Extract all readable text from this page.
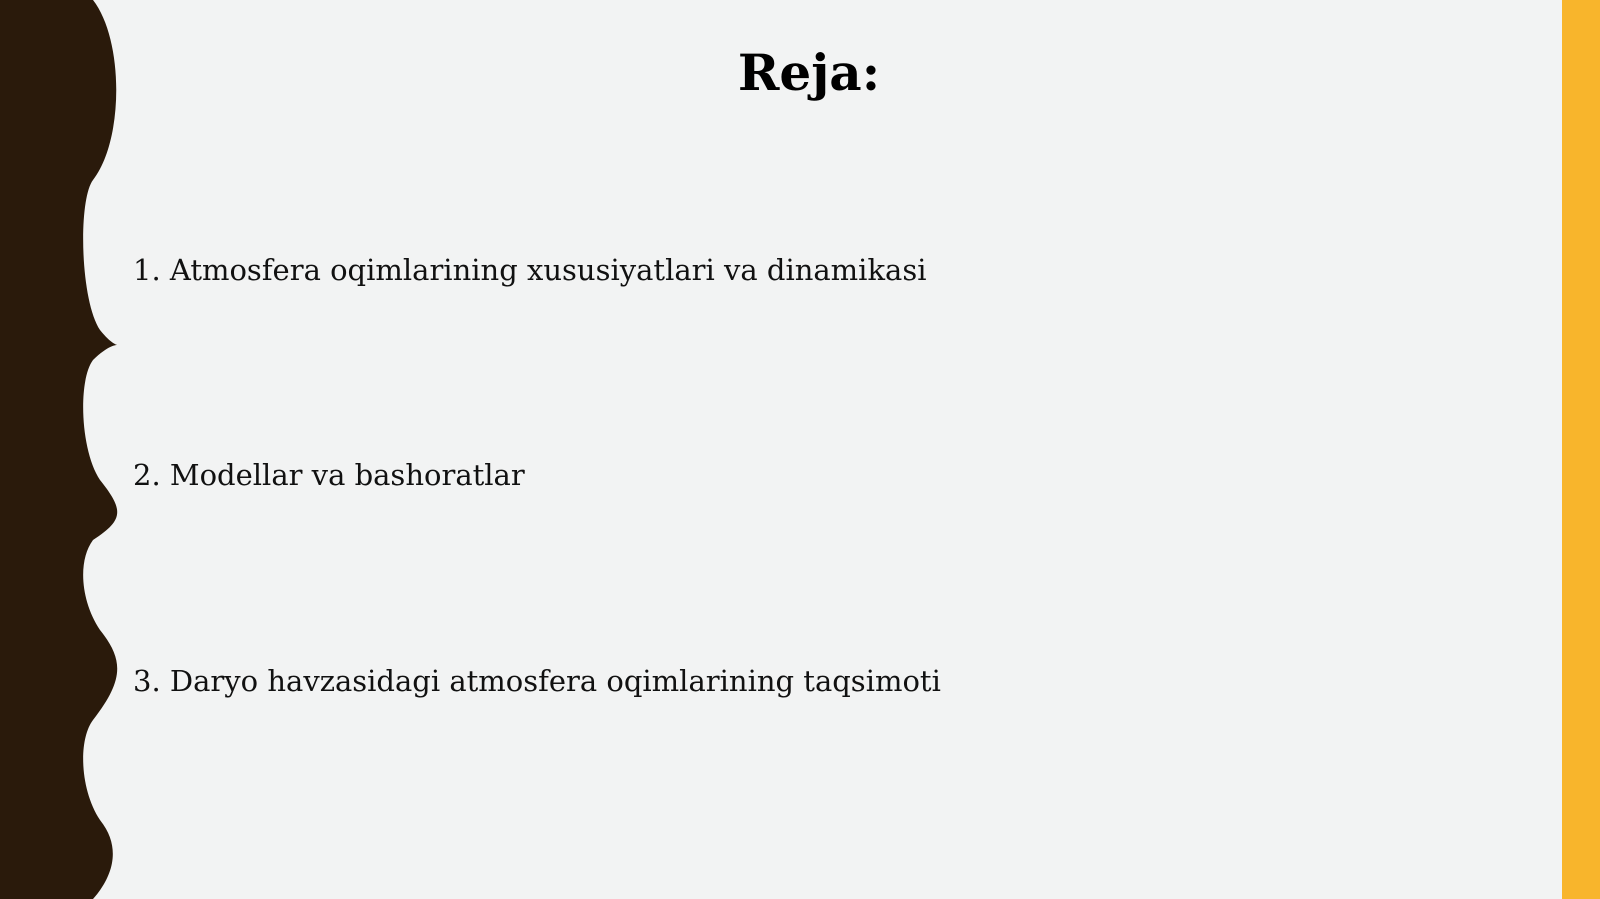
Reja:
1. Atmosfera oqimlarining xususiyatlari va dinamikasi
2. Modellar va bashoratlar
3. Daryo havzasidagi atmosfera oqimlarining taqsimoti
